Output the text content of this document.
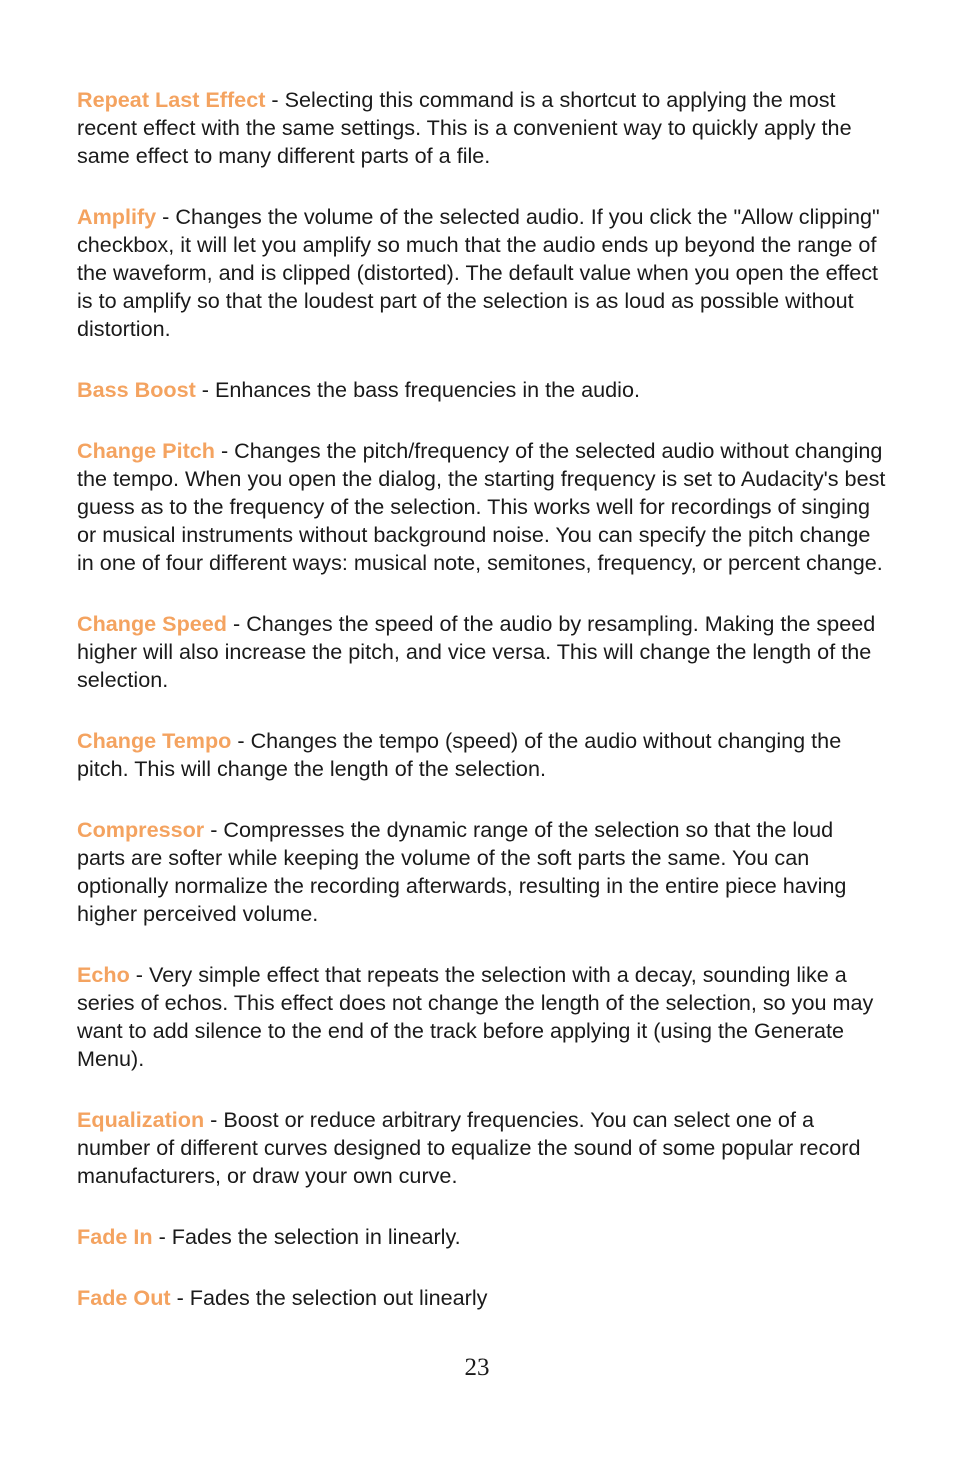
Repeat Last Effect - Selecting this command is a shortcut to applying the most recent effect with the same settings. This is a convenient way to quickly apply the same effect to many different parts of a file.

Amplify - Changes the volume of the selected audio. If you click the "Allow clipping" checkbox, it will let you amplify so much that the audio ends up beyond the range of the waveform, and is clipped (distorted). The default value when you open the effect is to amplify so that the loudest part of the selection is as loud as possible without distortion.

Bass Boost - Enhances the bass frequencies in the audio.

Change Pitch - Changes the pitch/frequency of the selected audio without changing the tempo. When you open the dialog, the starting frequency is set to Audacity's best guess as to the frequency of the selection. This works well for recordings of singing or musical instruments without background noise. You can specify the pitch change in one of four different ways: musical note, semitones, frequency, or percent change.

Change Speed - Changes the speed of the audio by resampling. Making the speed higher will also increase the pitch, and vice versa. This will change the length of the selection.

Change Tempo - Changes the tempo (speed) of the audio without changing the pitch. This will change the length of the selection.

Compressor - Compresses the dynamic range of the selection so that the loud parts are softer while keeping the volume of the soft parts the same. You can optionally normalize the recording afterwards, resulting in the entire piece having higher perceived volume.

Echo - Very simple effect that repeats the selection with a decay, sounding like a series of echos. This effect does not change the length of the selection, so you may want to add silence to the end of the track before applying it (using the Generate Menu).

Equalization - Boost or reduce arbitrary frequencies. You can select one of a number of different curves designed to equalize the sound of some popular record manufacturers, or draw your own curve.

Fade In - Fades the selection in linearly.

Fade Out - Fades the selection out linearly

23
